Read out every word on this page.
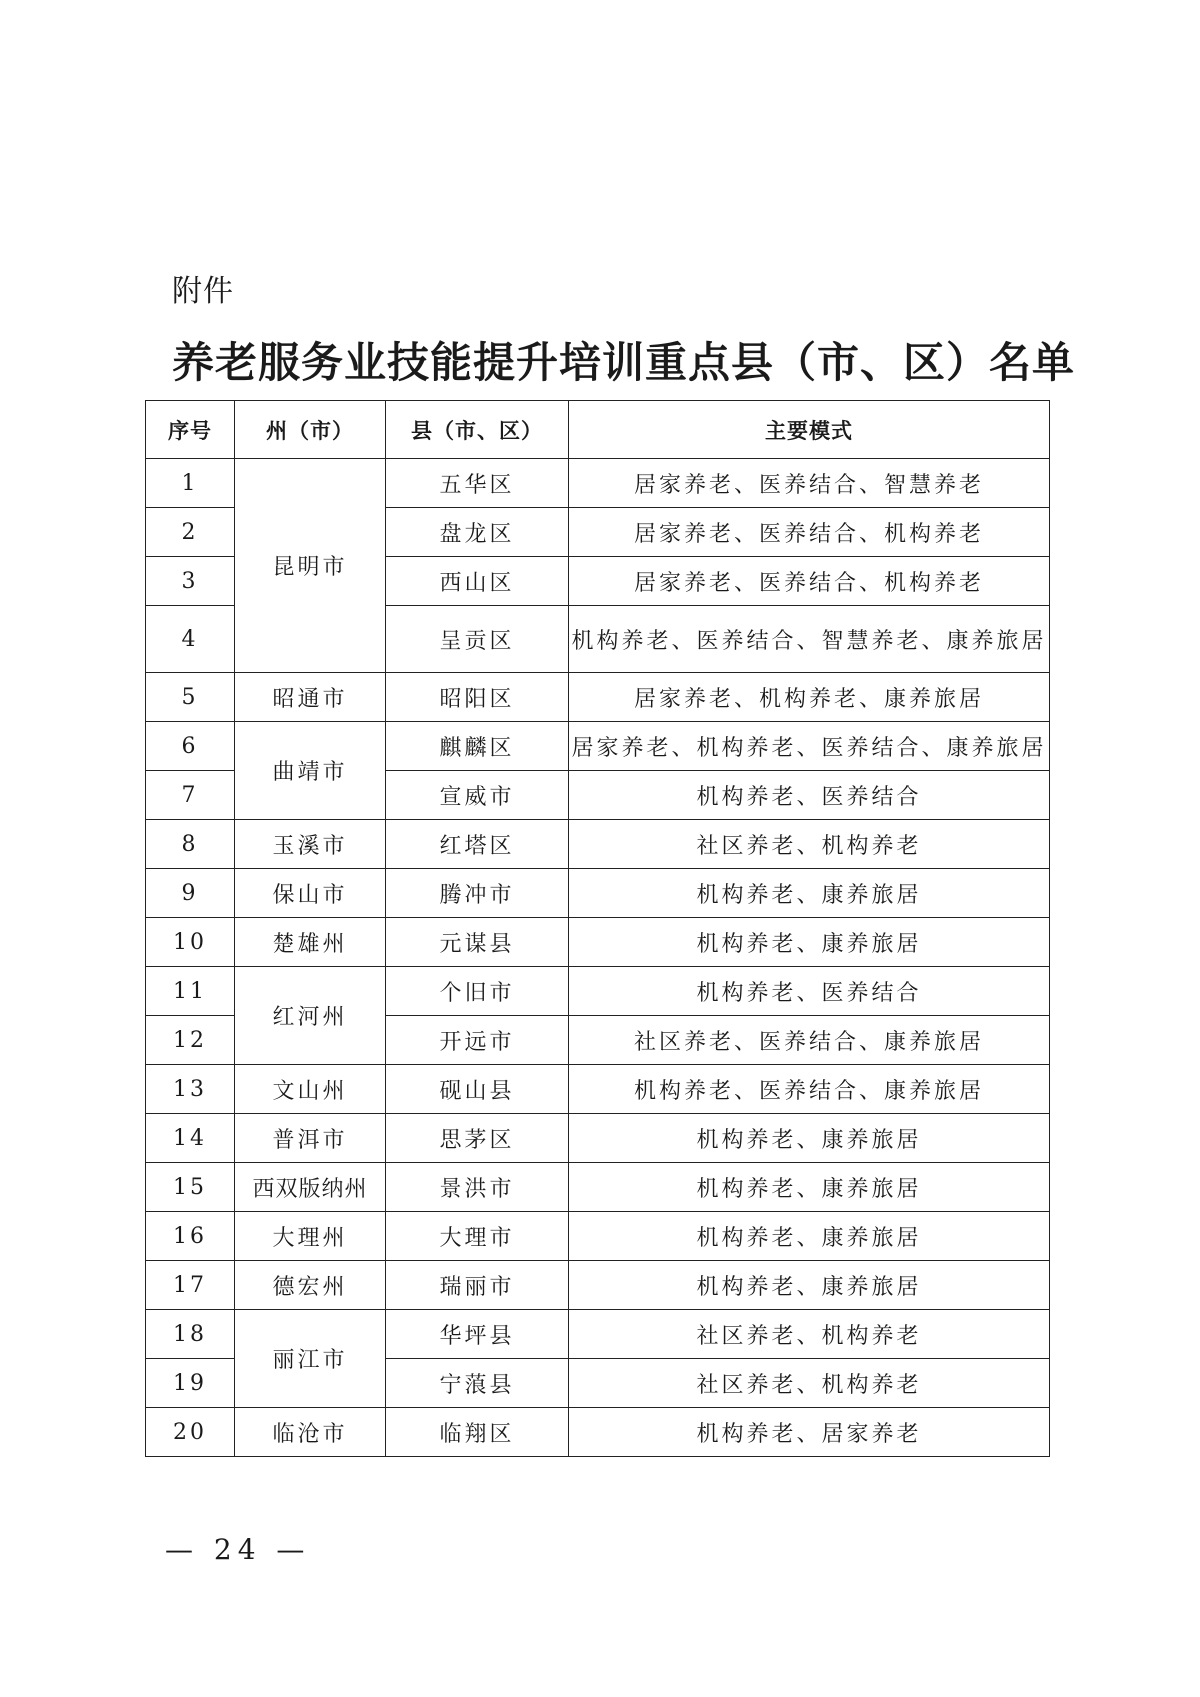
附件
养老服务业技能提升培训重点县（市、区）名单
序号	州（市）	县（市、区）	主要模式
1	昆明市	五华区	居家养老、医养结合、智慧养老
2		盘龙区	居家养老、医养结合、机构养老
3		西山区	居家养老、医养结合、机构养老
4		呈贡区	机构养老、医养结合、智慧养老、康养旅居
5	昭通市	昭阳区	居家养老、机构养老、康养旅居
6	曲靖市	麒麟区	居家养老、机构养老、医养结合、康养旅居
7		宣威市	机构养老、医养结合
8	玉溪市	红塔区	社区养老、机构养老
9	保山市	腾冲市	机构养老、康养旅居
10	楚雄州	元谋县	机构养老、康养旅居
11	红河州	个旧市	机构养老、医养结合
12		开远市	社区养老、医养结合、康养旅居
13	文山州	砚山县	机构养老、医养结合、康养旅居
14	普洱市	思茅区	机构养老、康养旅居
15	西双版纳州	景洪市	机构养老、康养旅居
16	大理州	大理市	机构养老、康养旅居
17	德宏州	瑞丽市	机构养老、康养旅居
18	丽江市	华坪县	社区养老、机构养老
19		宁蒗县	社区养老、机构养老
20	临沧市	临翔区	机构养老、居家养老
— 24 —
